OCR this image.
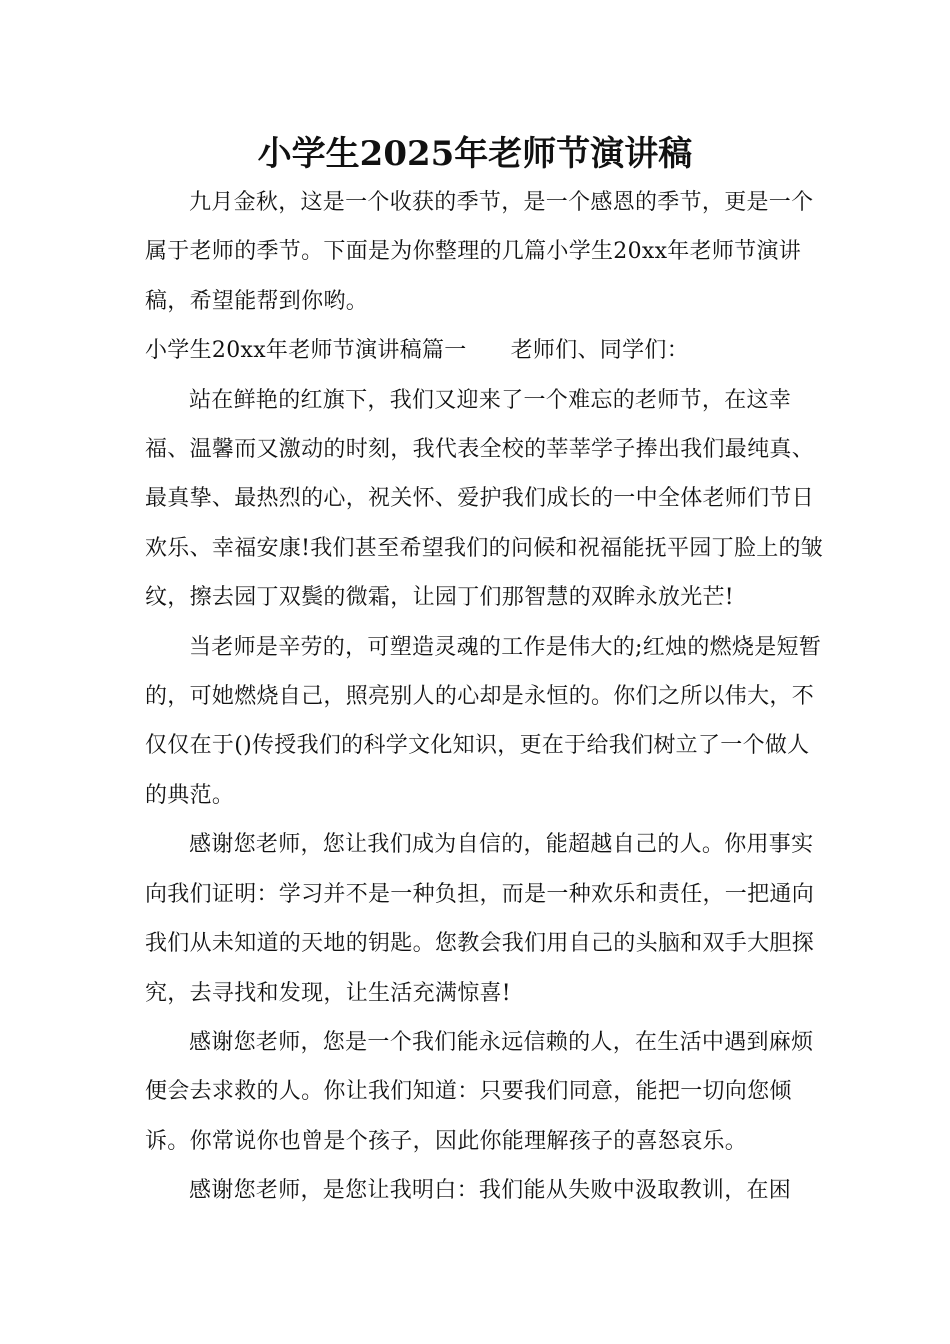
小学生2025年老师节演讲稿

九月金秋，这是一个收获的季节，是一个感恩的季节，更是一个属于老师的季节。下面是为你整理的几篇小学生20xx年老师节演讲稿，希望能帮到你哟。

小学生20xx年老师节演讲稿篇一 老师们、同学们：

站在鲜艳的红旗下，我们又迎来了一个难忘的老师节，在这幸福、温馨而又激动的时刻，我代表全校的莘莘学子捧出我们最纯真、最真挚、最热烈的心，祝关怀、爱护我们成长的一中全体老师们节日欢乐、幸福安康!我们甚至希望我们的问候和祝福能抚平园丁脸上的皱纹，擦去园丁双鬓的微霜，让园丁们那智慧的双眸永放光芒!

当老师是辛劳的，可塑造灵魂的工作是伟大的;红烛的燃烧是短暂的，可她燃烧自己，照亮别人的心却是永恒的。你们之所以伟大，不仅仅在于()传授我们的科学文化知识，更在于给我们树立了一个做人的典范。

感谢您老师，您让我们成为自信的，能超越自己的人。你用事实向我们证明：学习并不是一种负担，而是一种欢乐和责任，一把通向我们从未知道的天地的钥匙。您教会我们用自己的头脑和双手大胆探究，去寻找和发现，让生活充满惊喜!

感谢您老师，您是一个我们能永远信赖的人，在生活中遇到麻烦便会去求救的人。你让我们知道：只要我们同意，能把一切向您倾诉。你常说你也曾是个孩子，因此你能理解孩子的喜怒哀乐。

感谢您老师，是您让我明白：我们能从失败中汲取教训，在困
